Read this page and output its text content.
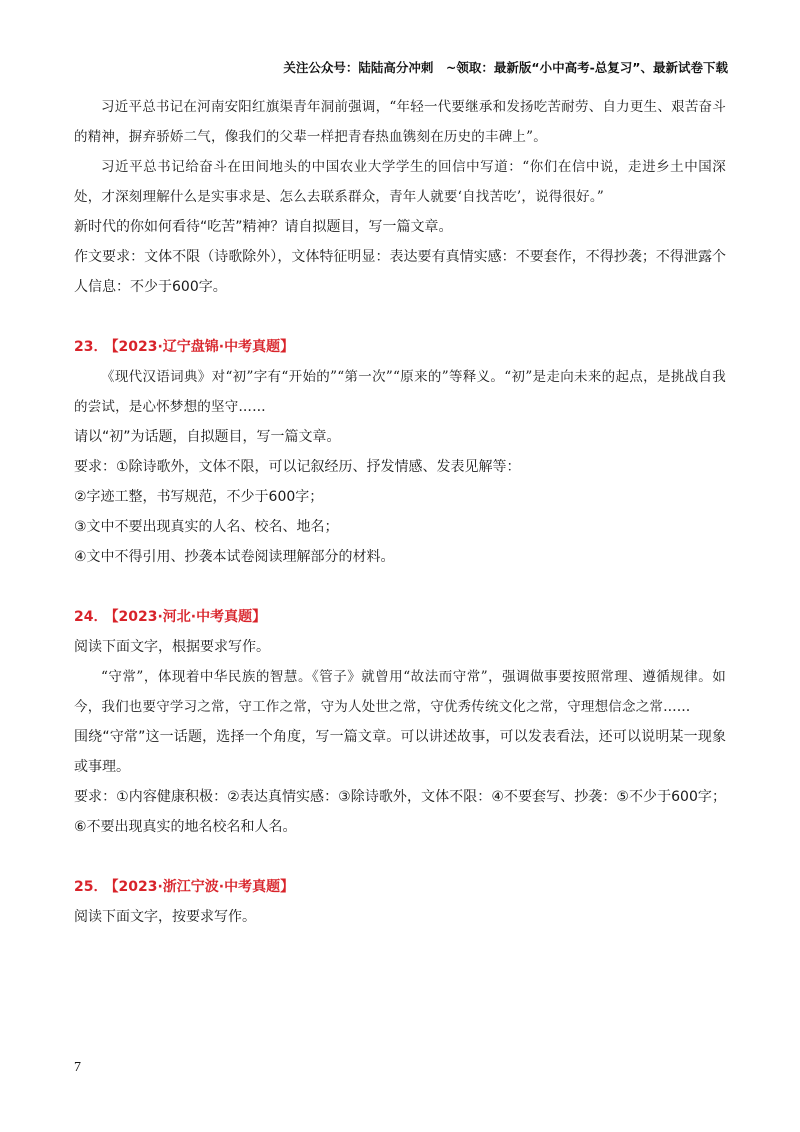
关注公众号：陆陆高分冲刺　~领取：最新版“小中高考-总复习”、最新试卷下载

习近平总书记在河南安阳红旗渠青年洞前强调，“年轻一代要继承和发扬吃苦耐劳、自力更生、艰苦奋斗的精神，摒弃骄娇二气，像我们的父辈一样把青春热血镌刻在历史的丰碑上”。

习近平总书记给奋斗在田间地头的中国农业大学学生的回信中写道：“你们在信中说，走进乡土中国深处，才深刻理解什么是实事求是、怎么去联系群众，青年人就要‘自找苦吃’，说得很好。”

新时代的你如何看待“吃苦”精神？请自拟题目，写一篇文章。

作文要求：文体不限（诗歌除外），文体特征明显：表达要有真情实感：不要套作，不得抄袭；不得泄露个人信息：不少于600字。

23． 【2023·辽宁盘锦·中考真题】

《现代汉语词典》对“初”字有“开始的”“第一次”“原来的”等释义。“初”是走向未来的起点，是挑战自我的尝试，是心怀梦想的坚守……

请以“初”为话题，自拟题目，写一篇文章。

要求：①除诗歌外，文体不限，可以记叙经历、抒发情感、发表见解等：

②字迹工整，书写规范，不少于600字；

③文中不要出现真实的人名、校名、地名；

④文中不得引用、抄袭本试卷阅读理解部分的材料。

24． 【2023·河北·中考真题】

阅读下面文字，根据要求写作。

“守常”，体现着中华民族的智慧。《管子》就曾用“故法而守常”，强调做事要按照常理、遵循规律。如今，我们也要守学习之常，守工作之常，守为人处世之常，守优秀传统文化之常，守理想信念之常……

围绕“守常”这一话题，选择一个角度，写一篇文章。可以讲述故事，可以发表看法，还可以说明某一现象或事理。

要求：①内容健康积极：②表达真情实感：③除诗歌外，文体不限：④不要套写、抄袭：⑤不少于600字；⑥不要出现真实的地名校名和人名。

25． 【2023·浙江宁波·中考真题】

阅读下面文字，按要求写作。

7
